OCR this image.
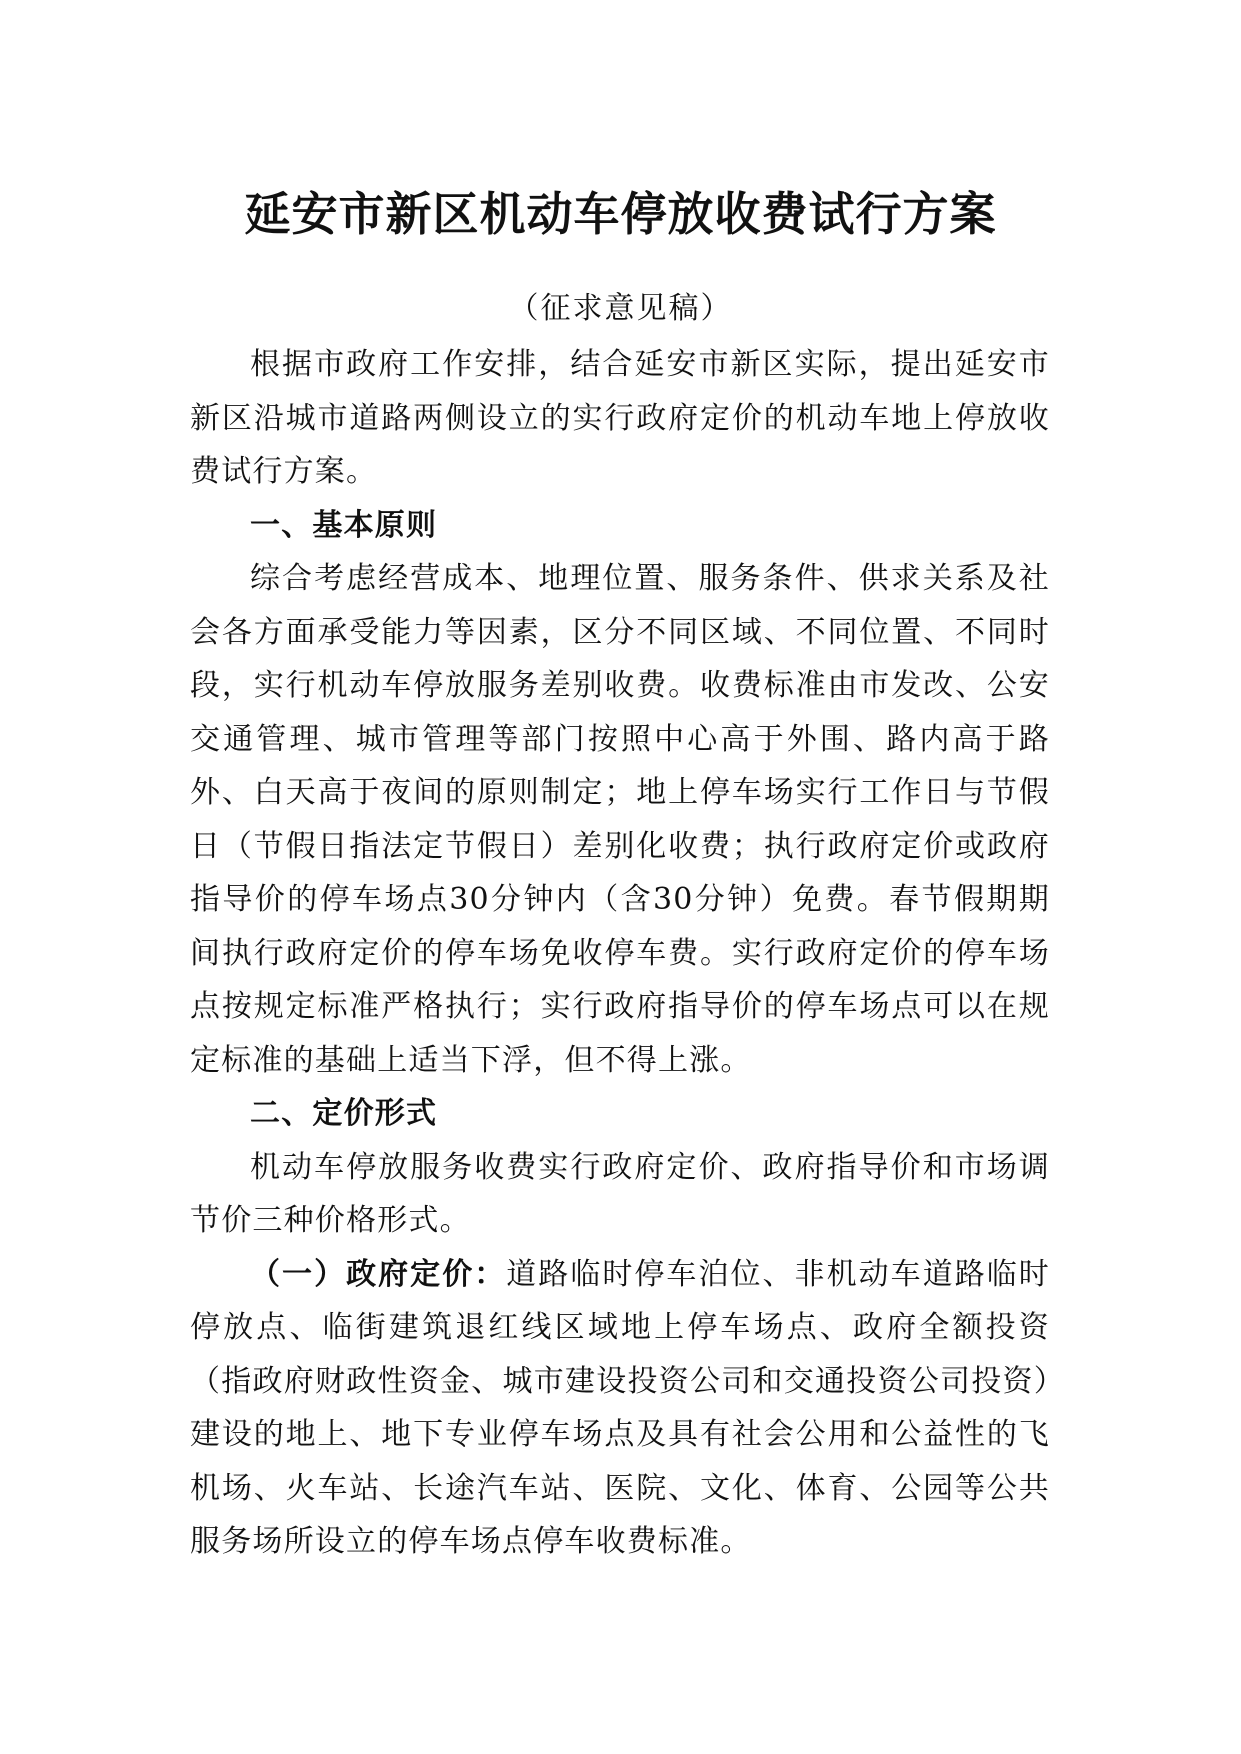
延安市新区机动车停放收费试行方案

（征求意见稿）

根据市政府工作安排，结合延安市新区实际，提出延安市新区沿城市道路两侧设立的实行政府定价的机动车地上停放收费试行方案。

一、基本原则

综合考虑经营成本、地理位置、服务条件、供求关系及社会各方面承受能力等因素，区分不同区域、不同位置、不同时段，实行机动车停放服务差别收费。收费标准由市发改、公安交通管理、城市管理等部门按照中心高于外围、路内高于路外、白天高于夜间的原则制定；地上停车场实行工作日与节假日（节假日指法定节假日）差别化收费；执行政府定价或政府指导价的停车场点30分钟内（含30分钟）免费。春节假期期间执行政府定价的停车场免收停车费。实行政府定价的停车场点按规定标准严格执行；实行政府指导价的停车场点可以在规定标准的基础上适当下浮，但不得上涨。

二、定价形式

机动车停放服务收费实行政府定价、政府指导价和市场调节价三种价格形式。

（一）政府定价：道路临时停车泊位、非机动车道路临时停放点、临街建筑退红线区域地上停车场点、政府全额投资（指政府财政性资金、城市建设投资公司和交通投资公司投资）建设的地上、地下专业停车场点及具有社会公用和公益性的飞机场、火车站、长途汽车站、医院、文化、体育、公园等公共服务场所设立的停车场点停车收费标准。
